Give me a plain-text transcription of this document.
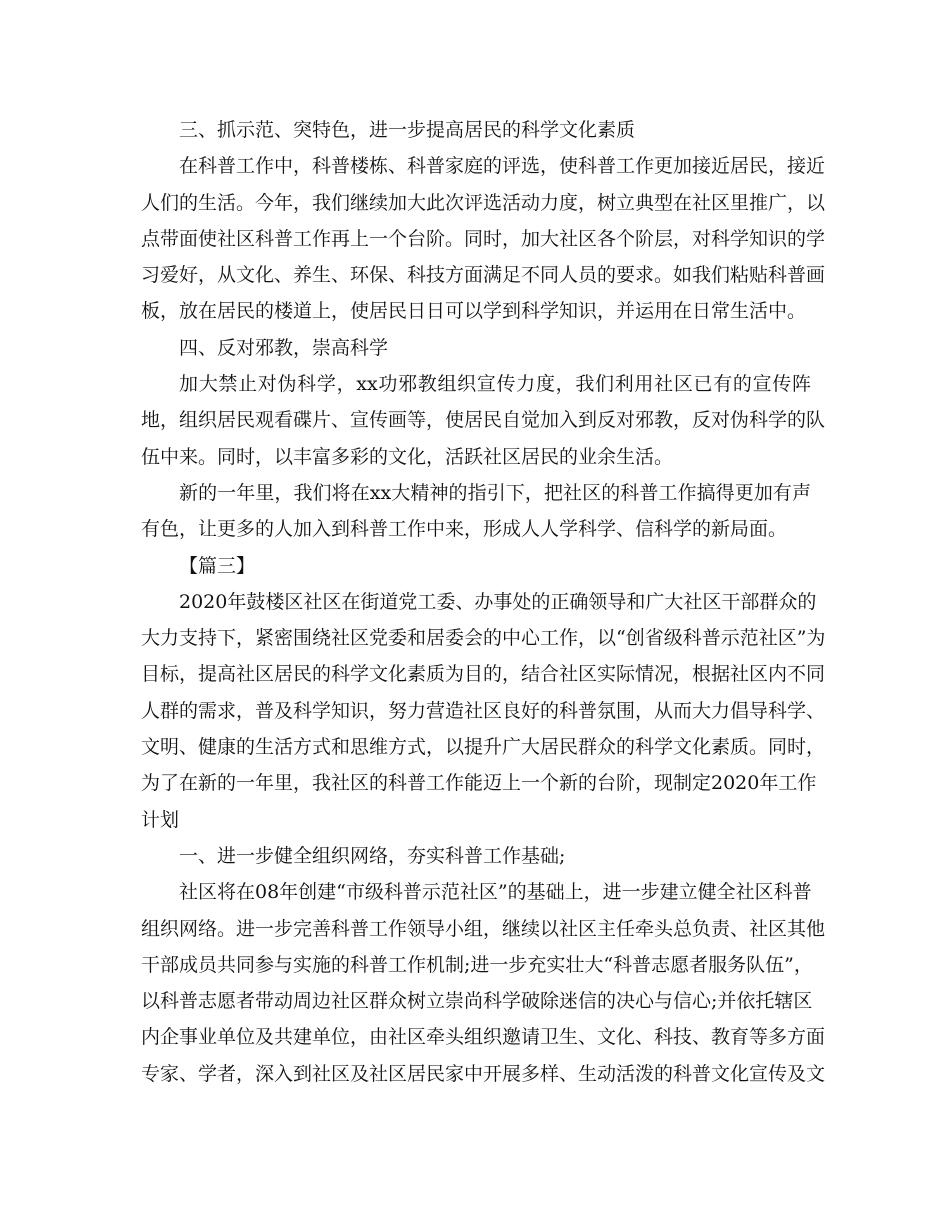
三、抓示范、突特色，进一步提高居民的科学文化素质
在科普工作中，科普楼栋、科普家庭的评选，使科普工作更加接近居民，接近
人们的生活。今年，我们继续加大此次评选活动力度，树立典型在社区里推广，以
点带面使社区科普工作再上一个台阶。同时，加大社区各个阶层，对科学知识的学
习爱好，从文化、养生、环保、科技方面满足不同人员的要求。如我们粘贴科普画
板，放在居民的楼道上，使居民日日可以学到科学知识，并运用在日常生活中。
四、反对邪教，崇高科学
加大禁止对伪科学，xx功邪教组织宣传力度，我们利用社区已有的宣传阵
地，组织居民观看碟片、宣传画等，使居民自觉加入到反对邪教，反对伪科学的队
伍中来。同时，以丰富多彩的文化，活跃社区居民的业余生活。
新的一年里，我们将在xx大精神的指引下，把社区的科普工作搞得更加有声
有色，让更多的人加入到科普工作中来，形成人人学科学、信科学的新局面。
【篇三】
2020年鼓楼区社区在街道党工委、办事处的正确领导和广大社区干部群众的
大力支持下，紧密围绕社区党委和居委会的中心工作，以“创省级科普示范社区”为
目标，提高社区居民的科学文化素质为目的，结合社区实际情况，根据社区内不同
人群的需求，普及科学知识，努力营造社区良好的科普氛围，从而大力倡导科学、
文明、健康的生活方式和思维方式，以提升广大居民群众的科学文化素质。同时，
为了在新的一年里，我社区的科普工作能迈上一个新的台阶，现制定2020年工作
计划
一、进一步健全组织网络，夯实科普工作基础;
社区将在08年创建“市级科普示范社区”的基础上，进一步建立健全社区科普
组织网络。进一步完善科普工作领导小组，继续以社区主任牵头总负责、社区其他
干部成员共同参与实施的科普工作机制;进一步充实壮大“科普志愿者服务队伍”，
以科普志愿者带动周边社区群众树立崇尚科学破除迷信的决心与信心;并依托辖区
内企事业单位及共建单位，由社区牵头组织邀请卫生、文化、科技、教育等多方面
专家、学者，深入到社区及社区居民家中开展多样、生动活泼的科普文化宣传及文
